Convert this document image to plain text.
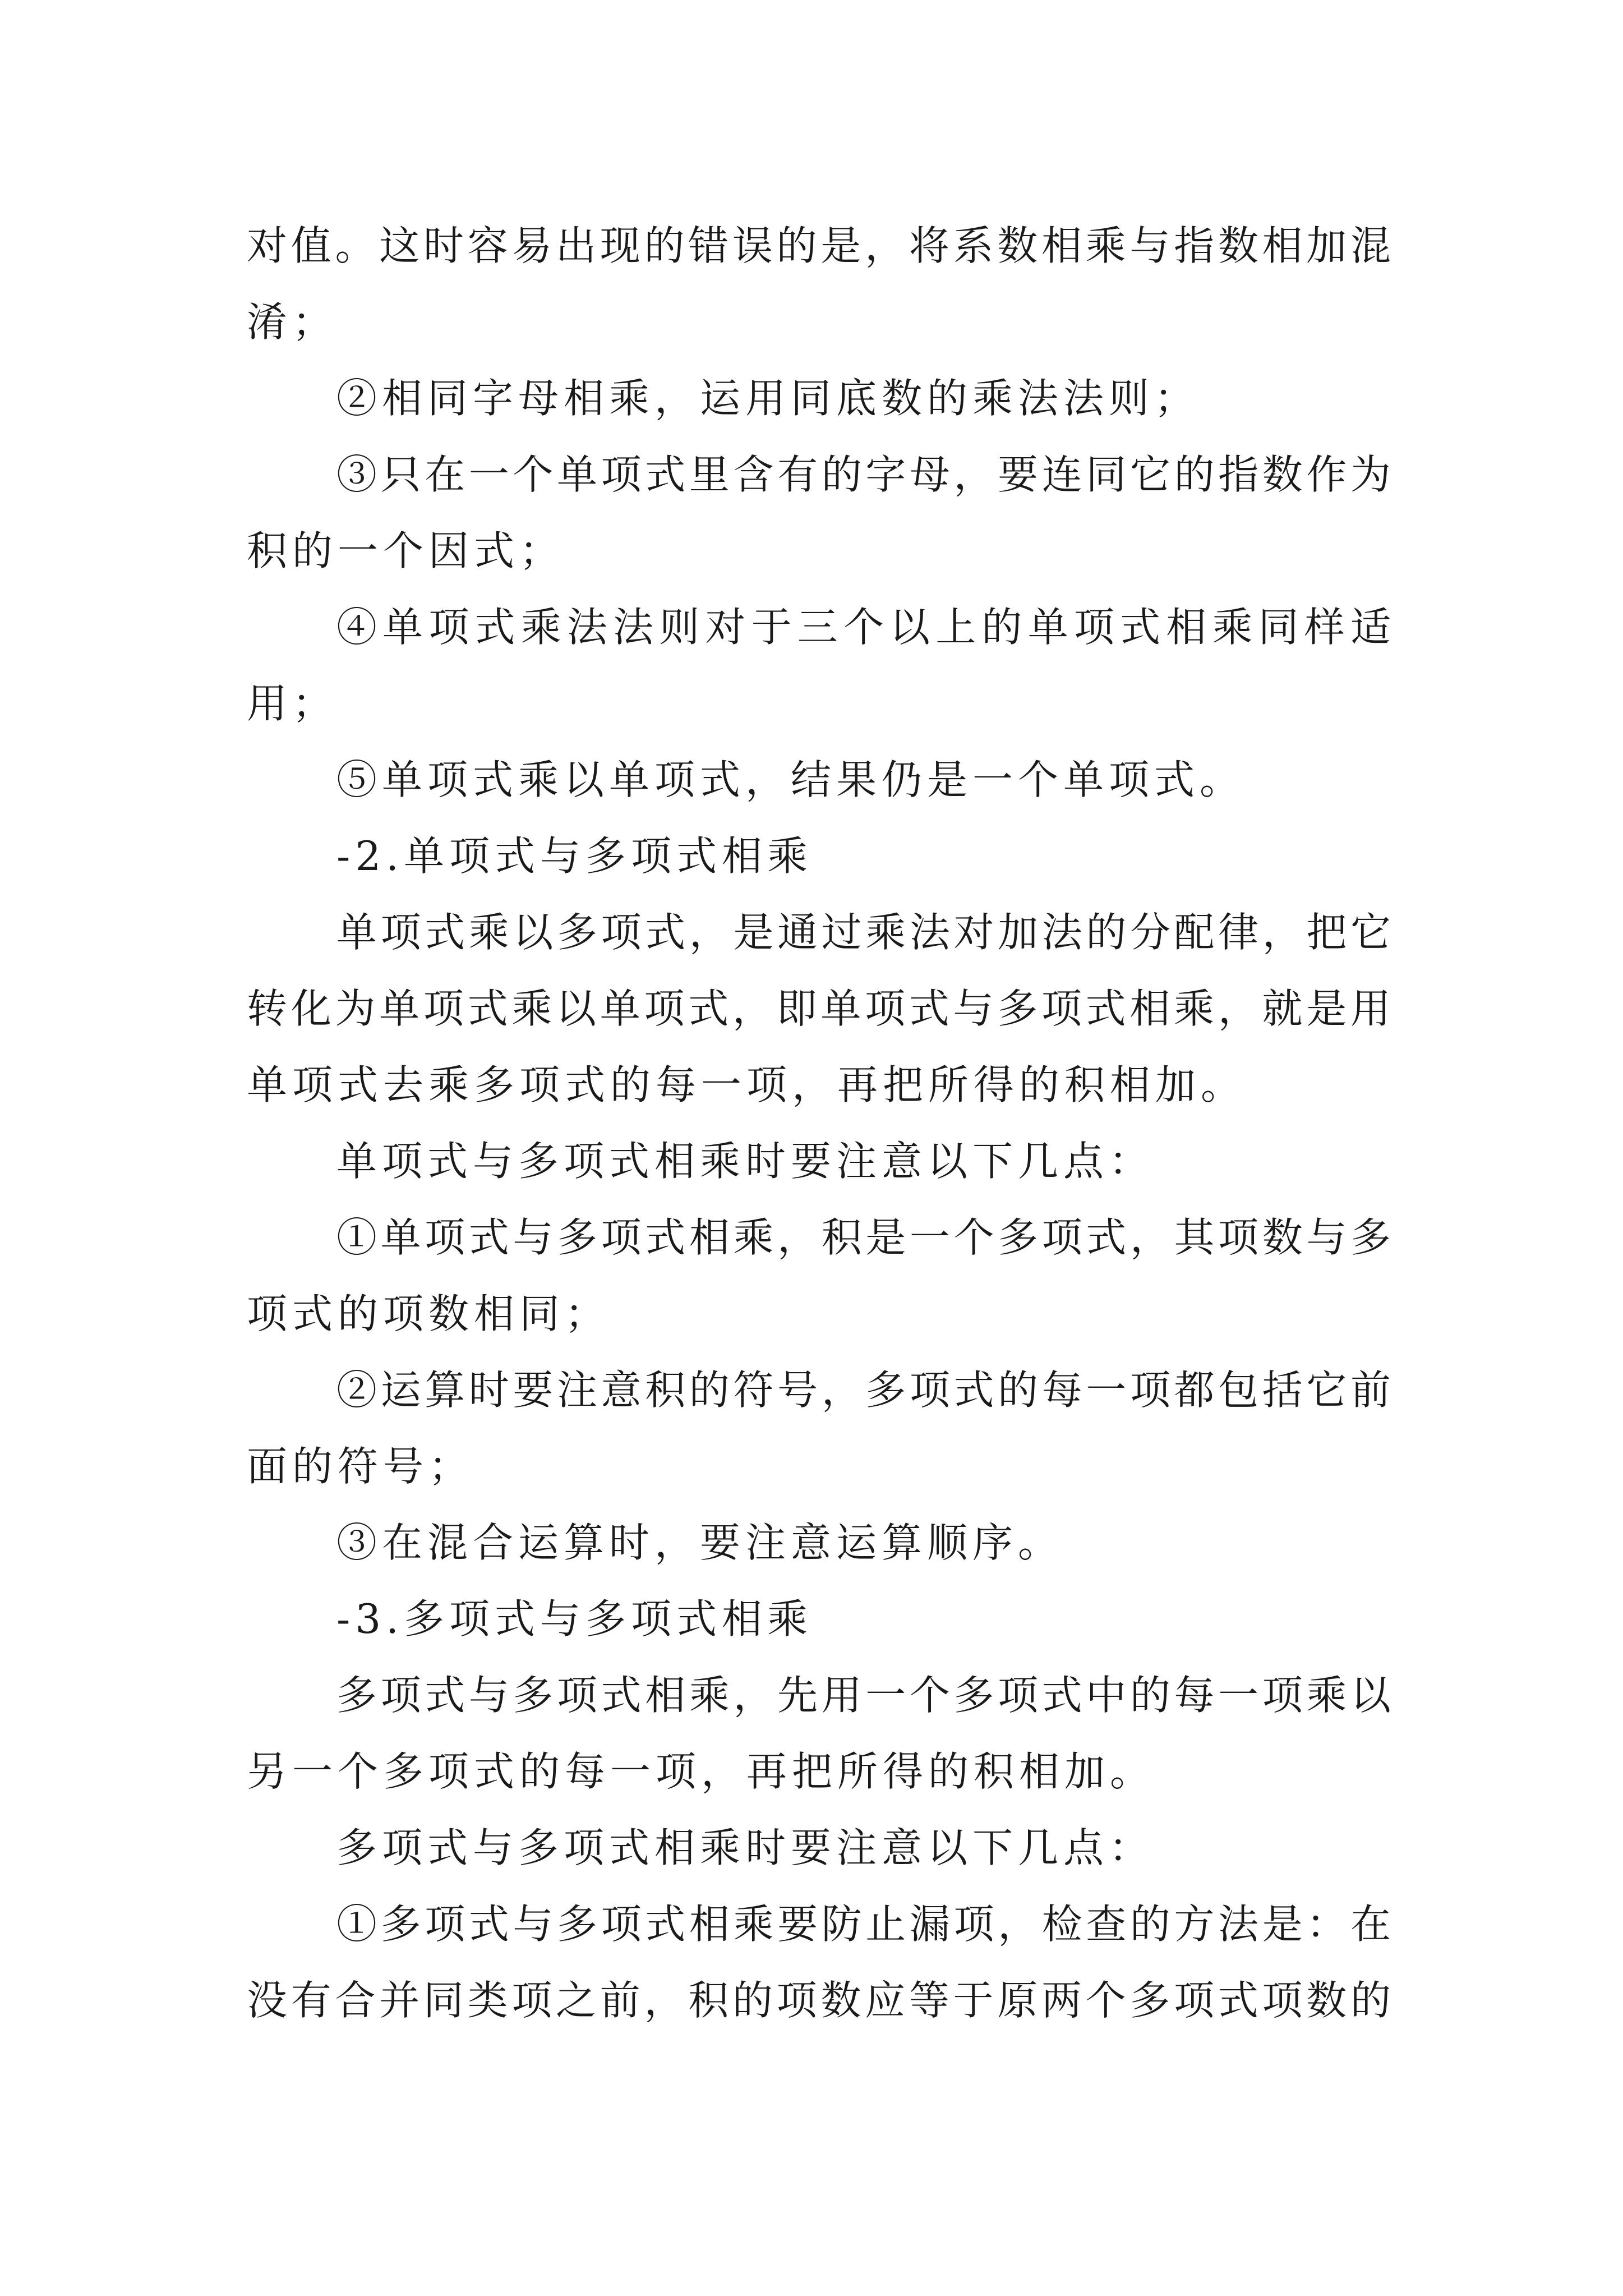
对值。这时容易出现的错误的是，将系数相乘与指数相加混
淆；
②相同字母相乘，运用同底数的乘法法则；
③只在一个单项式里含有的字母，要连同它的指数作为
积的一个因式；
④单项式乘法法则对于三个以上的单项式相乘同样适
用；
⑤单项式乘以单项式，结果仍是一个单项式。
-2.单项式与多项式相乘
单项式乘以多项式，是通过乘法对加法的分配律，把它
转化为单项式乘以单项式，即单项式与多项式相乘，就是用
单项式去乘多项式的每一项，再把所得的积相加。
单项式与多项式相乘时要注意以下几点：
①单项式与多项式相乘，积是一个多项式，其项数与多
项式的项数相同；
②运算时要注意积的符号，多项式的每一项都包括它前
面的符号；
③在混合运算时，要注意运算顺序。
-3.多项式与多项式相乘
多项式与多项式相乘，先用一个多项式中的每一项乘以
另一个多项式的每一项，再把所得的积相加。
多项式与多项式相乘时要注意以下几点：
①多项式与多项式相乘要防止漏项，检查的方法是：在
没有合并同类项之前，积的项数应等于原两个多项式项数的
